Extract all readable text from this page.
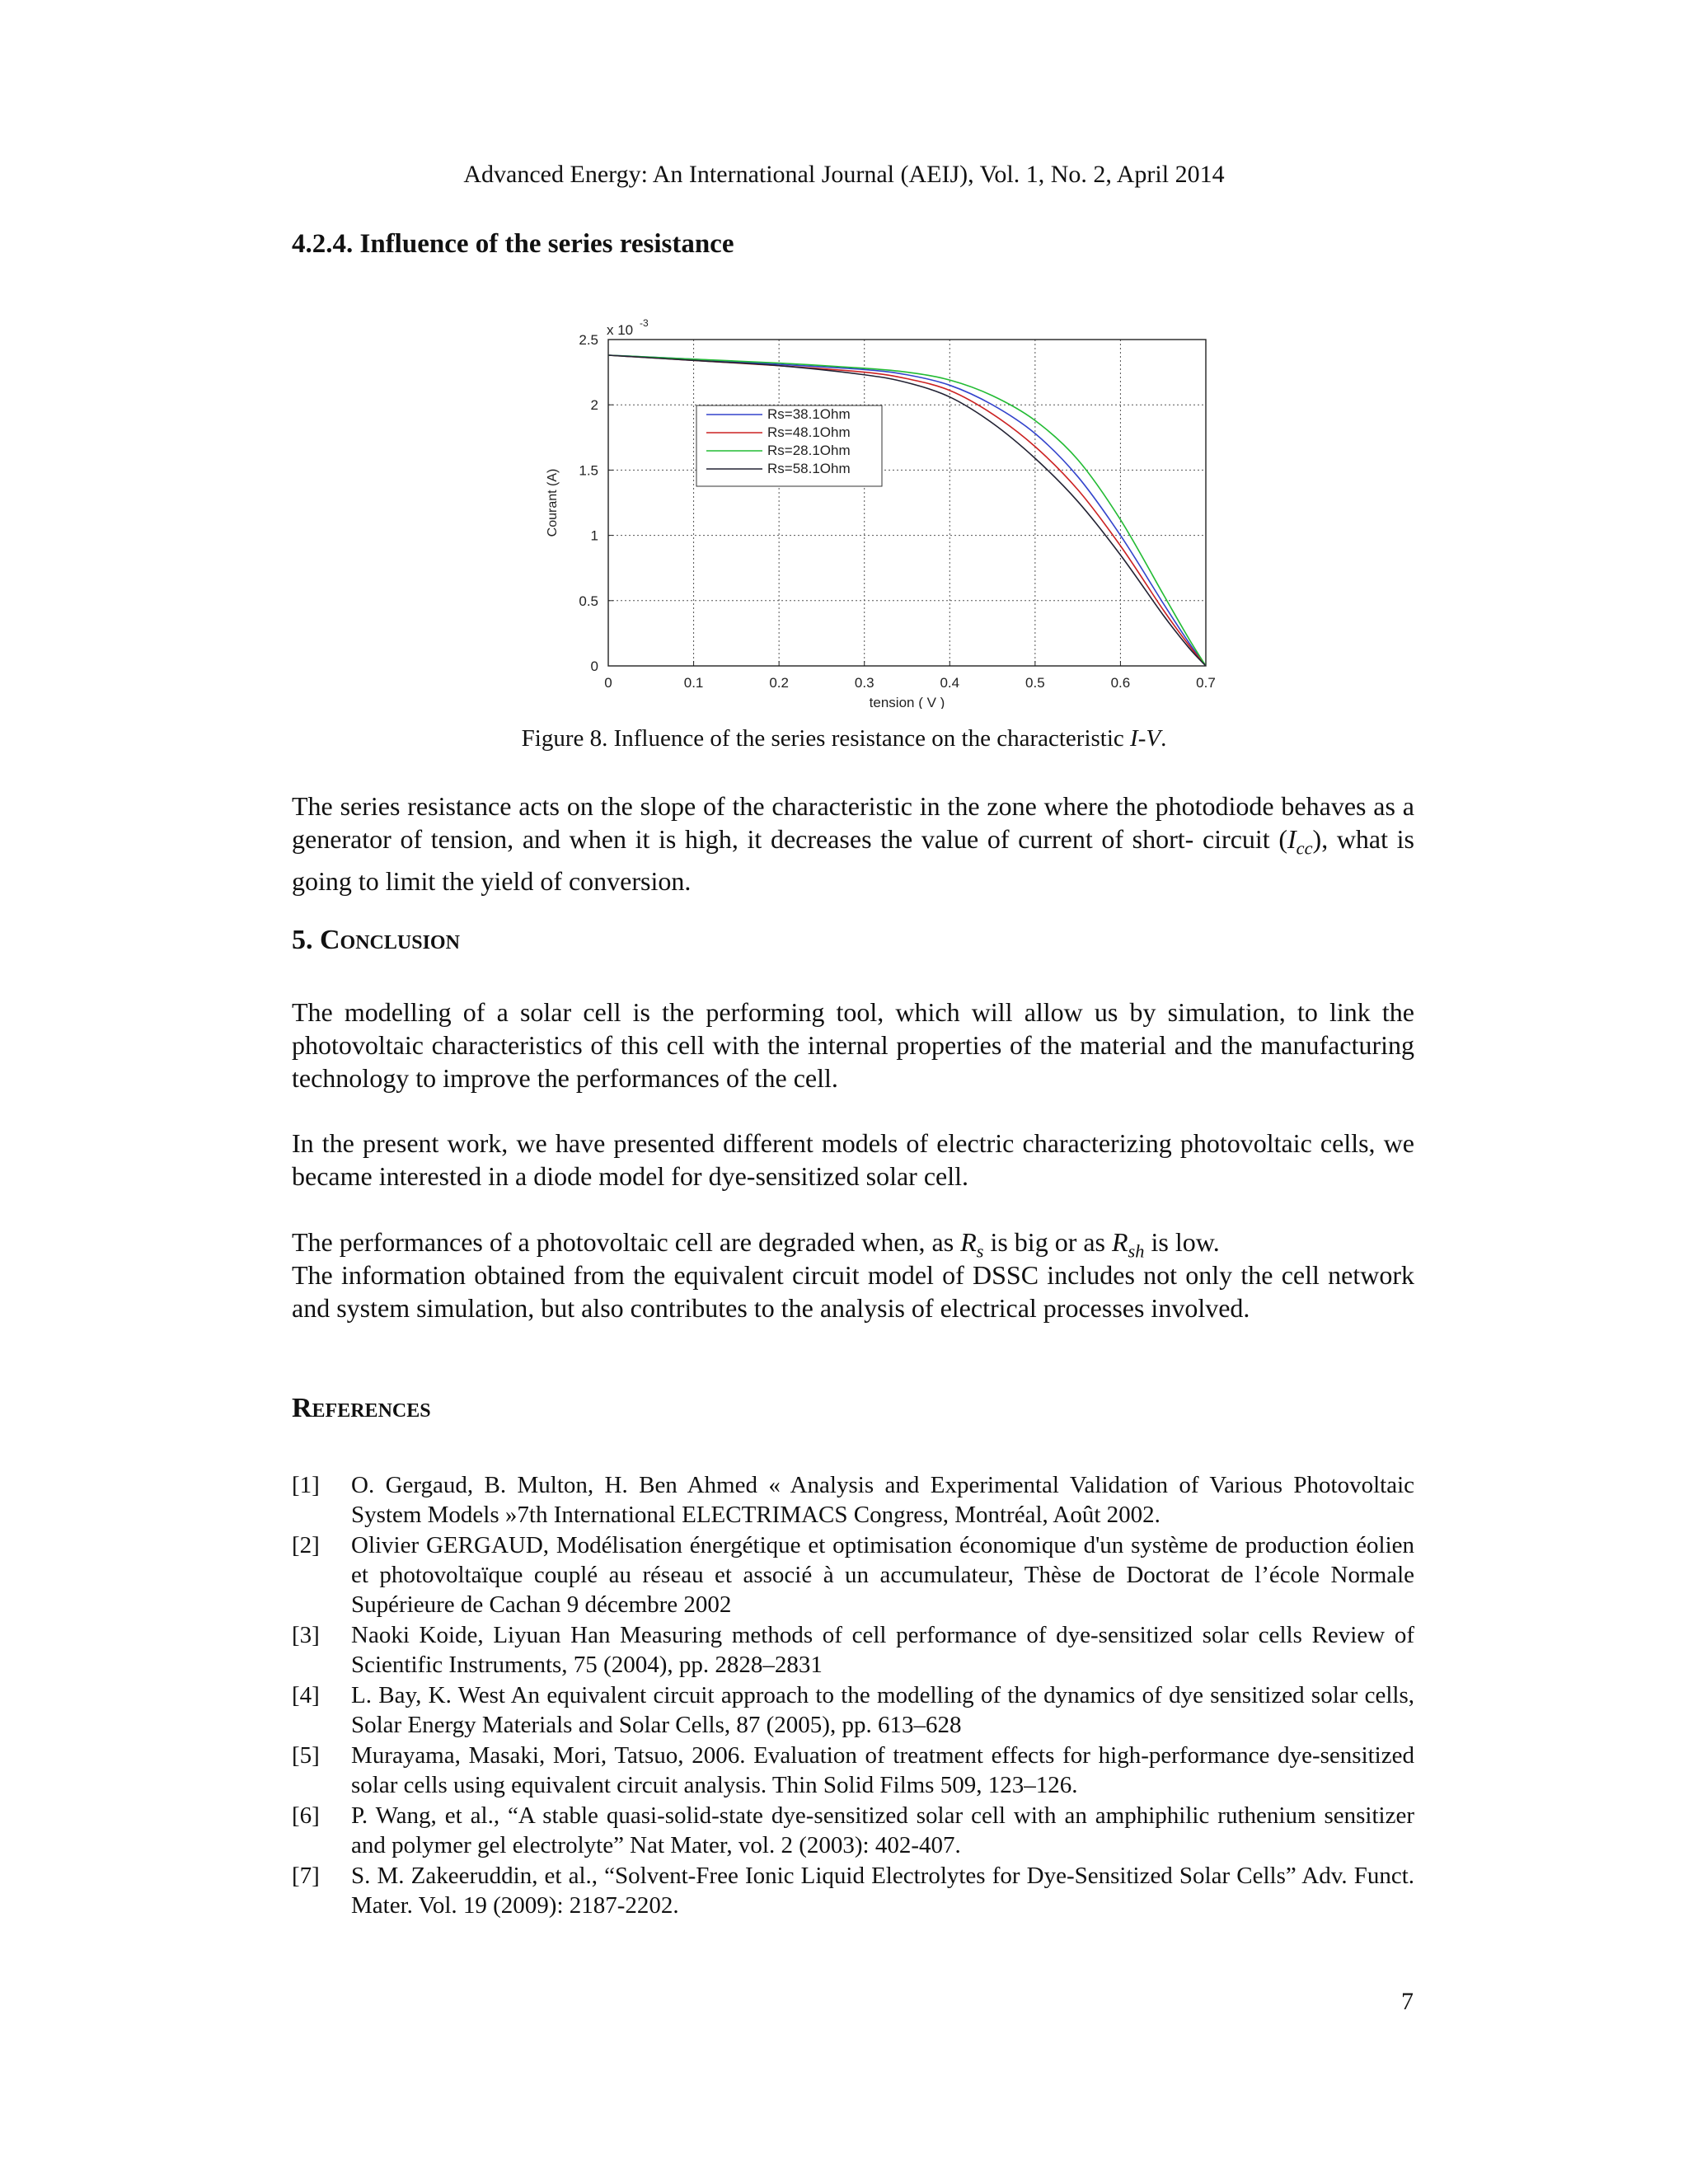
Advanced Energy: An International Journal (AEIJ), Vol. 1, No. 2, April 2014
4.2.4. Influence of the series resistance
0	0.1	0.2	0.3	0.4	0.5	0.6	0.7
0
0.5
1
1.5
2
2.5
x 10 -3
tension ( V )
Courant (A)
Rs=38.1Ohm
Rs=48.1Ohm
Rs=28.1Ohm
Rs=58.1Ohm
Figure 8. Influence of the series resistance on the characteristic I-V.
The series resistance acts on the slope of the characteristic in the zone where the photodiode behaves as a generator of tension, and when it is high, it decreases the value of current of short- circuit $(I_{cc})$, what is going to limit the yield of conversion.
5. Conclusion
The modelling of a solar cell is the performing tool, which will allow us by simulation, to link the photovoltaic characteristics of this cell with the internal properties of the material and the manufacturing technology to improve the performances of the cell.
In the present work, we have presented different models of electric characterizing photovoltaic cells, we became interested in a diode model for dye-sensitized solar cell.
The performances of a photovoltaic cell are degraded when, as $R_s$ is big or as $R_{sh}$ is low.
The information obtained from the equivalent circuit model of DSSC includes not only the cell network and system simulation, but also contributes to the analysis of electrical processes involved.
References
[1] O. Gergaud, B. Multon, H. Ben Ahmed « Analysis and Experimental Validation of Various Photovoltaic System Models »7th International ELECTRIMACS Congress, Montréal, Août 2002.
[2] Olivier GERGAUD, Modélisation énergétique et optimisation économique d'un système de production éolien et photovoltaïque couplé au réseau et associé à un accumulateur, Thèse de Doctorat de l’école Normale Supérieure de Cachan 9 décembre 2002
[3] Naoki Koide, Liyuan Han Measuring methods of cell performance of dye-sensitized solar cells Review of Scientific Instruments, 75 (2004), pp. 2828–2831
[4] L. Bay, K. West An equivalent circuit approach to the modelling of the dynamics of dye sensitized solar cells, Solar Energy Materials and Solar Cells, 87 (2005), pp. 613–628
[5] Murayama, Masaki, Mori, Tatsuo, 2006. Evaluation of treatment effects for high-performance dye-sensitized solar cells using equivalent circuit analysis. Thin Solid Films 509, 123–126.
[6] P. Wang, et al., “A stable quasi-solid-state dye-sensitized solar cell with an amphiphilic ruthenium sensitizer and polymer gel electrolyte” Nat Mater, vol. 2 (2003): 402-407.
[7] S. M. Zakeeruddin, et al., “Solvent-Free Ionic Liquid Electrolytes for Dye-Sensitized Solar Cells” Adv. Funct. Mater. Vol. 19 (2009): 2187-2202.
7
